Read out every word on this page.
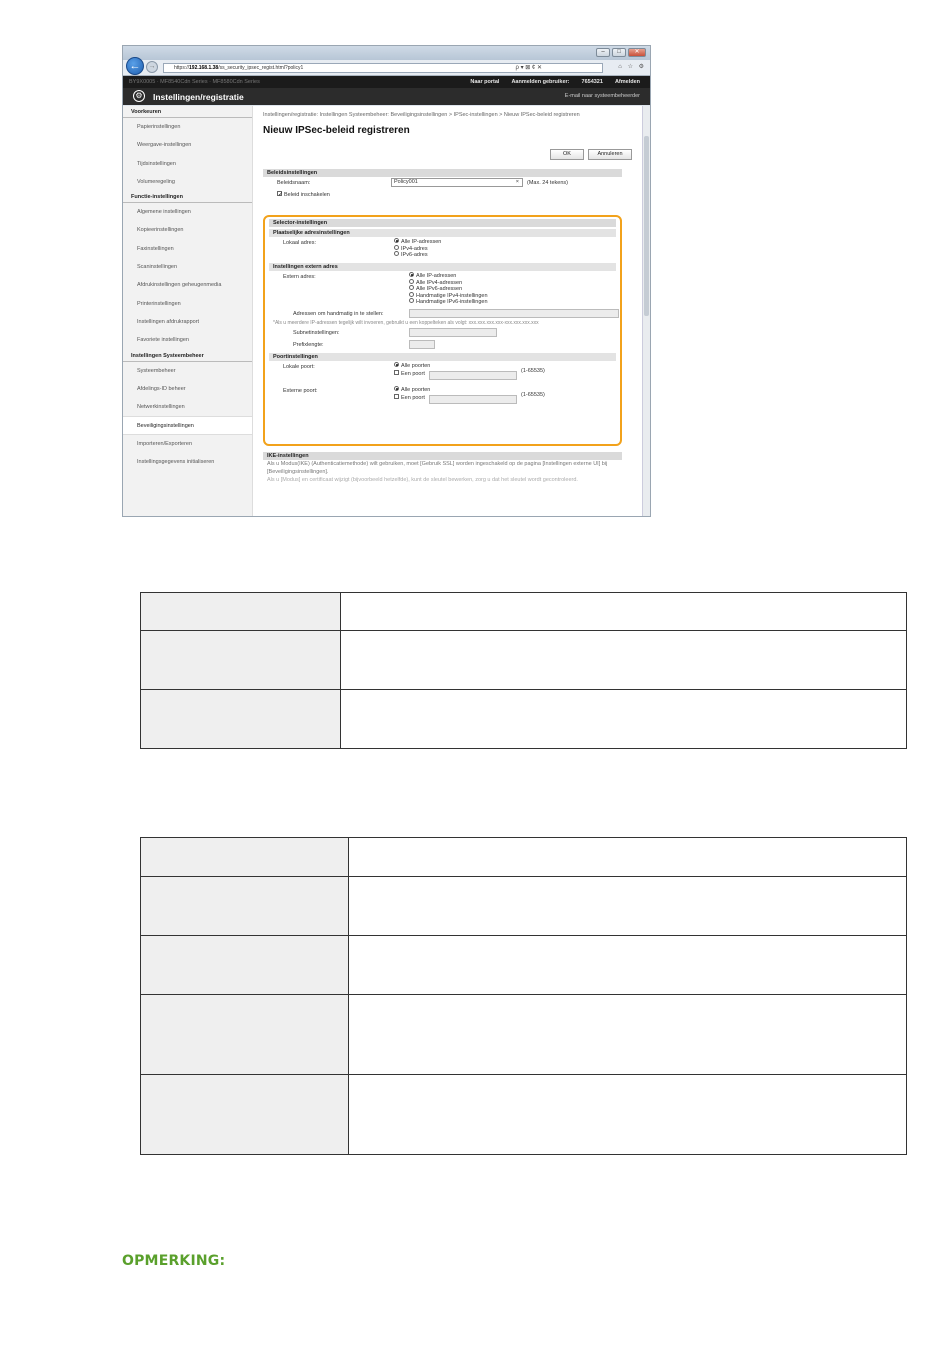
–	□	✕
←	→	https://192.168.1.38/ss_security_ipsec_regist.html?policy1	ρ ▾ ⊠ ¢ ✕	⌂ ☆ ⚙
BY9X0005 · MF8540Cdn Series · MF8580Cdn Series	Naar portal Aanmelden gebruiker: 7654321 Afmelden
⚙ Instellingen/registratie	E-mail naar systeembeheerder
Voorkeuren
Papierinstellingen
Weergave-instellingen
Tijdsinstellingen
Volumeregeling
Functie-instellingen
Algemene instellingen
Kopieerinstellingen
Faxinstellingen
Scaninstellingen
Afdrukinstellingen geheugenmedia
Printerinstellingen
Instellingen afdrukrapport
Favoriete instellingen
Instellingen Systeembeheer
Systeembeheer
Afdelings-ID beheer
Netwerkinstellingen
Beveiligingsinstellingen
Importeren/Exporteren
Instellingsgegevens initialiseren
Instellingen/registratie: Instellingen Systeembeheer: Beveiligingsinstellingen > IPSec-instellingen > Nieuw IPSec-beleid registreren
Nieuw IPSec-beleid registreren
OK	Annuleren
Beleidsinstellingen
Beleidsnaam:	Policy001	× (Max. 24 tekens)
✓Beleid inschakelen
Selector-instellingen
Plaatselijke adresinstellingen
Lokaal adres:	Alle IP-adressen
IPv4-adres
IPv6-adres
Instellingen extern adres
Extern adres:	Alle IP-adressen
Alle IPv4-adressen
Alle IPv6-adressen
Handmatige IPv4-instellingen
Handmatige IPv6-instellingen
Adressen om handmatig in te stellen:
*Als u meerdere IP-adressen tegelijk wilt invoeren, gebruikt u een koppelteken als volgt: xxx.xxx.xxx.xxx-xxx.xxx.xxx.xxx
Subnetinstellingen:
Prefixlengte:
Poortinstellingen
Lokale poort:	Alle poorten
Een poort	(1-65535)
Externe poort:	Alle poorten
Een poort	(1-65535)
IKE-instellingen
Als u Modus(IKE) (Authenticatiemethode) wilt gebruiken, moet [Gebruik SSL] worden ingeschakeld op de pagina [Instellingen externe UI] bij [Beveiligingsinstellingen].
Als u [Modus] en certificaat wijzigt (bijvoorbeeld hetzelfde), kunt de sleutel bewerken, zorg u dat het sleutel wordt gecontroleerd.

OPMERKING:
